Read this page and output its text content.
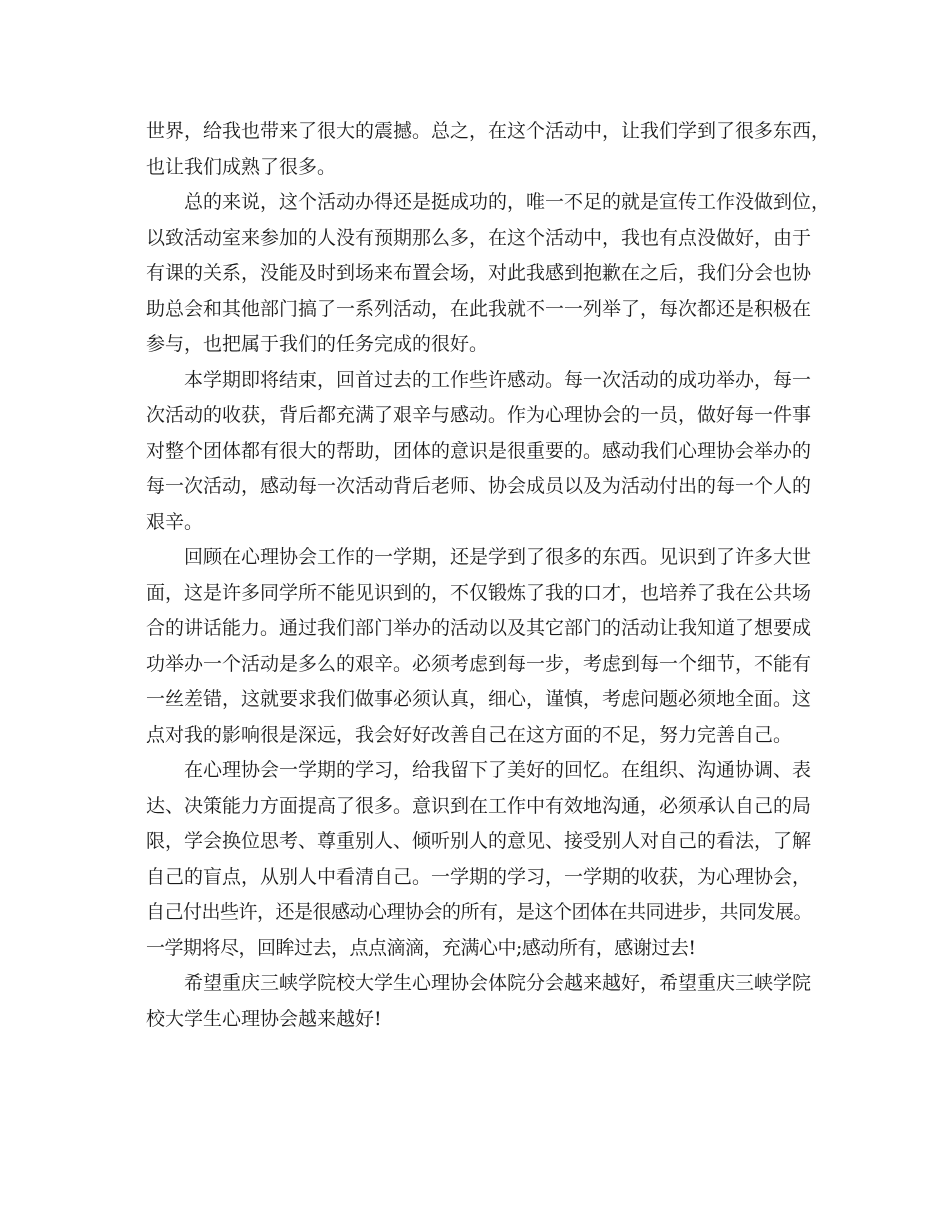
世界，给我也带来了很大的震撼。总之，在这个活动中，让我们学到了很多东西，
也让我们成熟了很多。
总的来说，这个活动办得还是挺成功的，唯一不足的就是宣传工作没做到位，
以致活动室来参加的人没有预期那么多，在这个活动中，我也有点没做好，由于
有课的关系，没能及时到场来布置会场，对此我感到抱歉在之后，我们分会也协
助总会和其他部门搞了一系列活动，在此我就不一一列举了，每次都还是积极在
参与，也把属于我们的任务完成的很好。
本学期即将结束，回首过去的工作些许感动。每一次活动的成功举办，每一
次活动的收获，背后都充满了艰辛与感动。作为心理协会的一员，做好每一件事
对整个团体都有很大的帮助，团体的意识是很重要的。感动我们心理协会举办的
每一次活动，感动每一次活动背后老师、协会成员以及为活动付出的每一个人的
艰辛。
回顾在心理协会工作的一学期，还是学到了很多的东西。见识到了许多大世
面，这是许多同学所不能见识到的，不仅锻炼了我的口才，也培养了我在公共场
合的讲话能力。通过我们部门举办的活动以及其它部门的活动让我知道了想要成
功举办一个活动是多么的艰辛。必须考虑到每一步，考虑到每一个细节，不能有
一丝差错，这就要求我们做事必须认真，细心，谨慎，考虑问题必须地全面。这
点对我的影响很是深远，我会好好改善自己在这方面的不足，努力完善自己。
在心理协会一学期的学习，给我留下了美好的回忆。在组织、沟通协调、表
达、决策能力方面提高了很多。意识到在工作中有效地沟通，必须承认自己的局
限，学会换位思考、尊重别人、倾听别人的意见、接受别人对自己的看法，了解
自己的盲点，从别人中看清自己。一学期的学习，一学期的收获，为心理协会，
自己付出些许，还是很感动心理协会的所有，是这个团体在共同进步，共同发展。
一学期将尽，回眸过去，点点滴滴，充满心中;感动所有，感谢过去!
希望重庆三峡学院校大学生心理协会体院分会越来越好，希望重庆三峡学院
校大学生心理协会越来越好!
